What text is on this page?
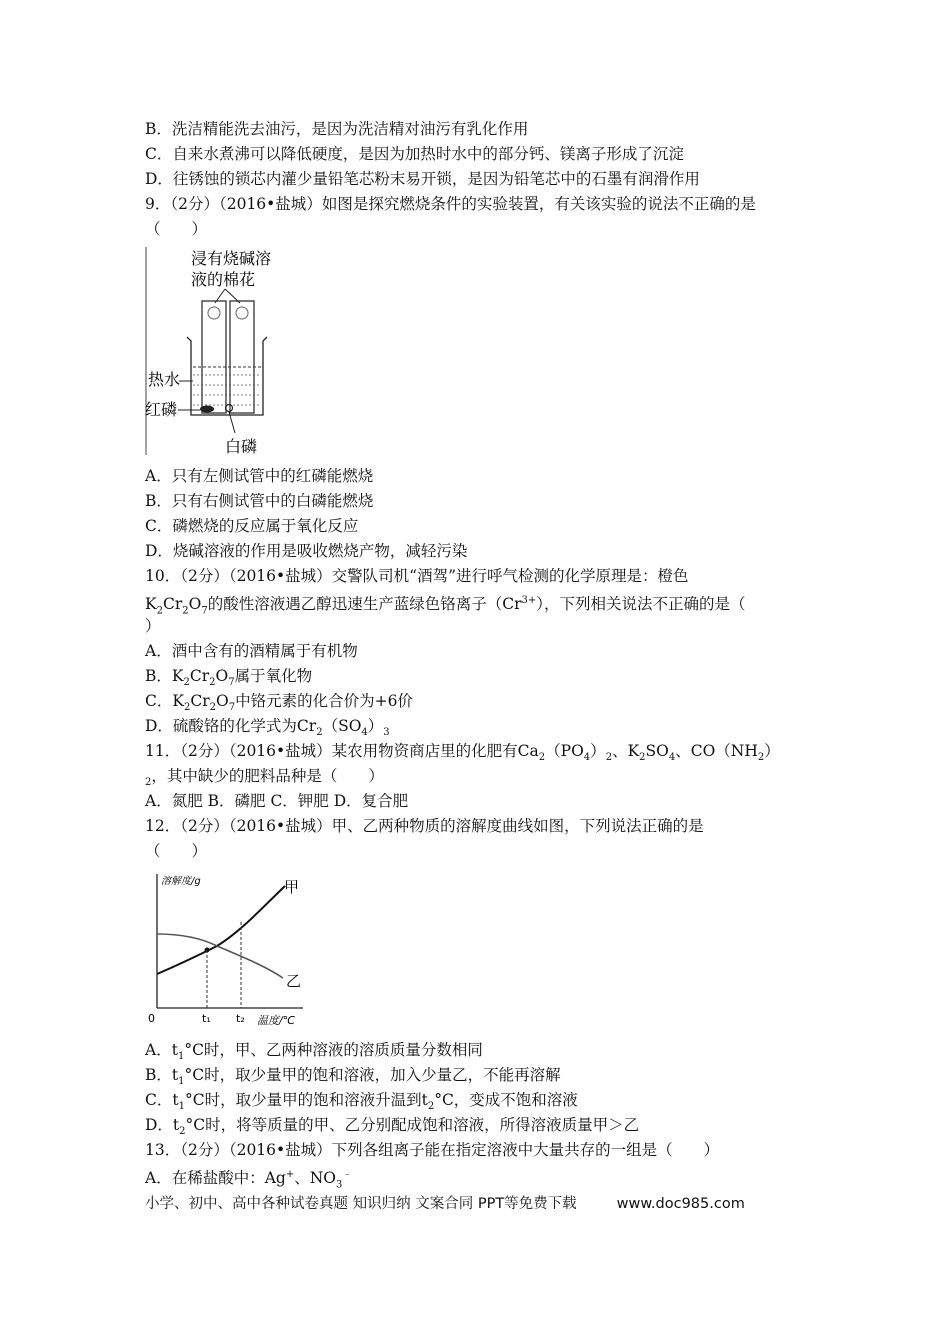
B．洗洁精能洗去油污，是因为洗洁精对油污有乳化作用
C．自来水煮沸可以降低硬度，是因为加热时水中的部分钙、镁离子形成了沉淀
D．往锈蚀的锁芯内灌少量铅笔芯粉末易开锁，是因为铅笔芯中的石墨有润滑作用
9．（2分）（2016•盐城）如图是探究燃烧条件的实验装置，有关该实验的说法不正确的是
（　　）
浸有烧碱溶
液的棉花
热水
红磷
白磷
A．只有左侧试管中的红磷能燃烧
B．只有右侧试管中的白磷能燃烧
C．磷燃烧的反应属于氧化反应
D．烧碱溶液的作用是吸收燃烧产物，减轻污染
10．（2分）（2016•盐城）交警队司机“酒驾”进行呼气检测的化学原理是：橙色
$K_2Cr_2O_7$的酸性溶液遇乙醇迅速生产蓝绿色铬离子$(Cr^{3+})$，下列相关说法不正确的是（
）
A．酒中含有的酒精属于有机物
B．$K_2Cr_2O_7$属于氧化物
C．$K_2Cr_2O_7$中铬元素的化合价为+6价
D．硫酸铬的化学式为$Cr_2(SO_4)_3$
11．（2分）（2016•盐城）某农用物资商店里的化肥有$Ca_2(PO_4)_2$、$K_2SO_4$、$CO(NH_2)$
$_2$，其中缺少的肥料品种是（　　）
A．氮肥 B．磷肥 C．钾肥 D．复合肥
12．（2分）（2016•盐城）甲、乙两种物质的溶解度曲线如图，下列说法正确的是
（　　）
溶解度/g	甲
乙
0	t₁ t₂ 温度/℃
A．$t_1^\circ C$时，甲、乙两种溶液的溶质质量分数相同
B．$t_1^\circ C$时，取少量甲的饱和溶液，加入少量乙，不能再溶解
C．$t_1^\circ C$时，取少量甲的饱和溶液升温到$t_2^\circ C$，变成不饱和溶液
D．$t_2^\circ C$时，将等质量的甲、乙分别配成饱和溶液，所得溶液质量甲＞乙
13．（2分）（2016•盐城）下列各组离子能在指定溶液中大量共存的一组是（　　）
A．在稀盐酸中：Ag+、$NO_3^﹣$
小学、初中、高中各种试卷真题 知识归纳 文案合同 PPT等免费下载	www.doc985.com
